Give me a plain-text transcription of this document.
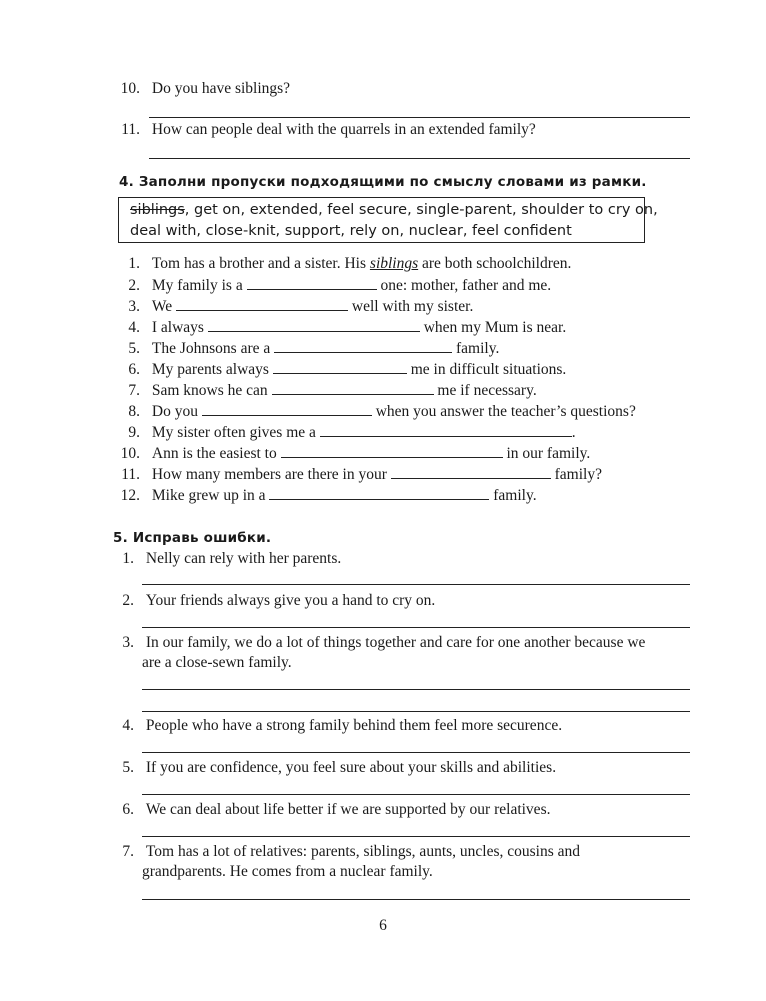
10. Do you have siblings?
11. How can people deal with the quarrels in an extended family?
4. Заполни пропуски подходящими по смыслу словами из рамки.
siblings, get on, extended, feel secure, single-parent, shoulder to cry on,
deal with, close-knit, support, rely on, nuclear, feel confident
1. Tom has a brother and a sister. His siblings are both schoolchildren.
2. My family is a	one: mother, father and me.
3. We	well with my sister.
4. I always	when my Mum is near.
5. The Johnsons are a	family.
6. My parents always	me in difficult situations.
7. Sam knows he can	me if necessary.
8. Do you	when you answer the teacher’s questions?
9. My sister often gives me a	.
10. Ann is the easiest to	in our family.
11. How many members are there in your	family?
12. Mike grew up in a	family.
5. Исправь ошибки.
1. Nelly can rely with her parents.
2. Your friends always give you a hand to cry on.
3. In our family, we do a lot of things together and care for one another because we
are a close-sewn family.
4. People who have a strong family behind them feel more securence.
5. If you are confidence, you feel sure about your skills and abilities.
6. We can deal about life better if we are supported by our relatives.
7. Tom has a lot of relatives: parents, siblings, aunts, uncles, cousins and
grandparents. He comes from a nuclear family.
6
